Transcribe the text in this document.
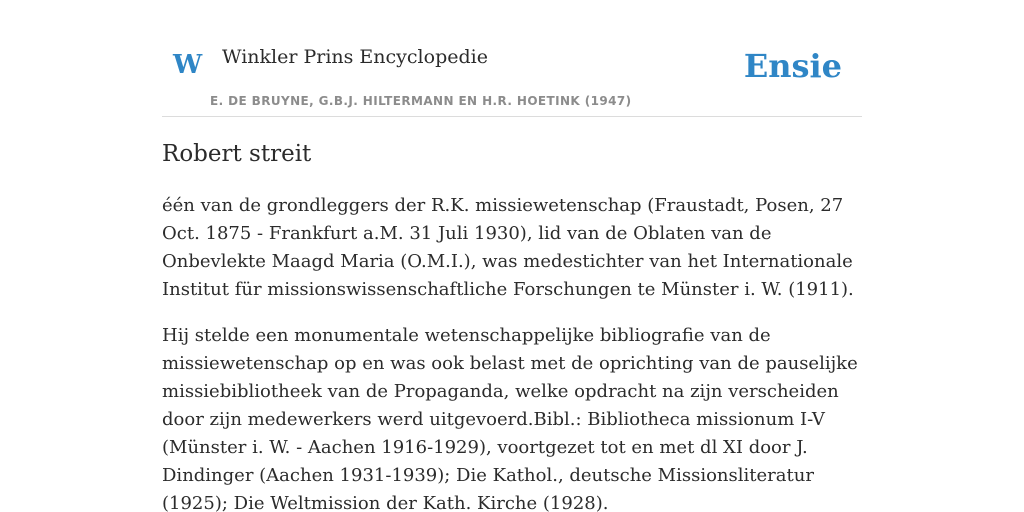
W Winkler Prins Encyclopedie
E. DE BRUYNE, G.B.J. HILTERMANN EN H.R. HOETINK (1947)
Ensie
Robert streit

één van de grondleggers der R.K. missiewetenschap (Fraustadt, Posen, 27 Oct. 1875 - Frankfurt a.M. 31 Juli 1930), lid van de Oblaten van de Onbevlekte Maagd Maria (O.M.I.), was medestichter van het Internationale Institut für missionswissenschaftliche Forschungen te Münster i. W. (1911).

Hij stelde een monumentale wetenschappelijke bibliografie van de missiewetenschap op en was ook belast met de oprichting van de pauselijke missiebibliotheek van de Propaganda, welke opdracht na zijn verscheiden door zijn medewerkers werd uitgevoerd.Bibl.: Bibliotheca missionum I-V (Münster i. W. - Aachen 1916-1929), voortgezet tot en met dl XI door J. Dindinger (Aachen 1931-1939); Die Kathol., deutsche Missionsliteratur (1925); Die Weltmission der Kath. Kirche (1928).
